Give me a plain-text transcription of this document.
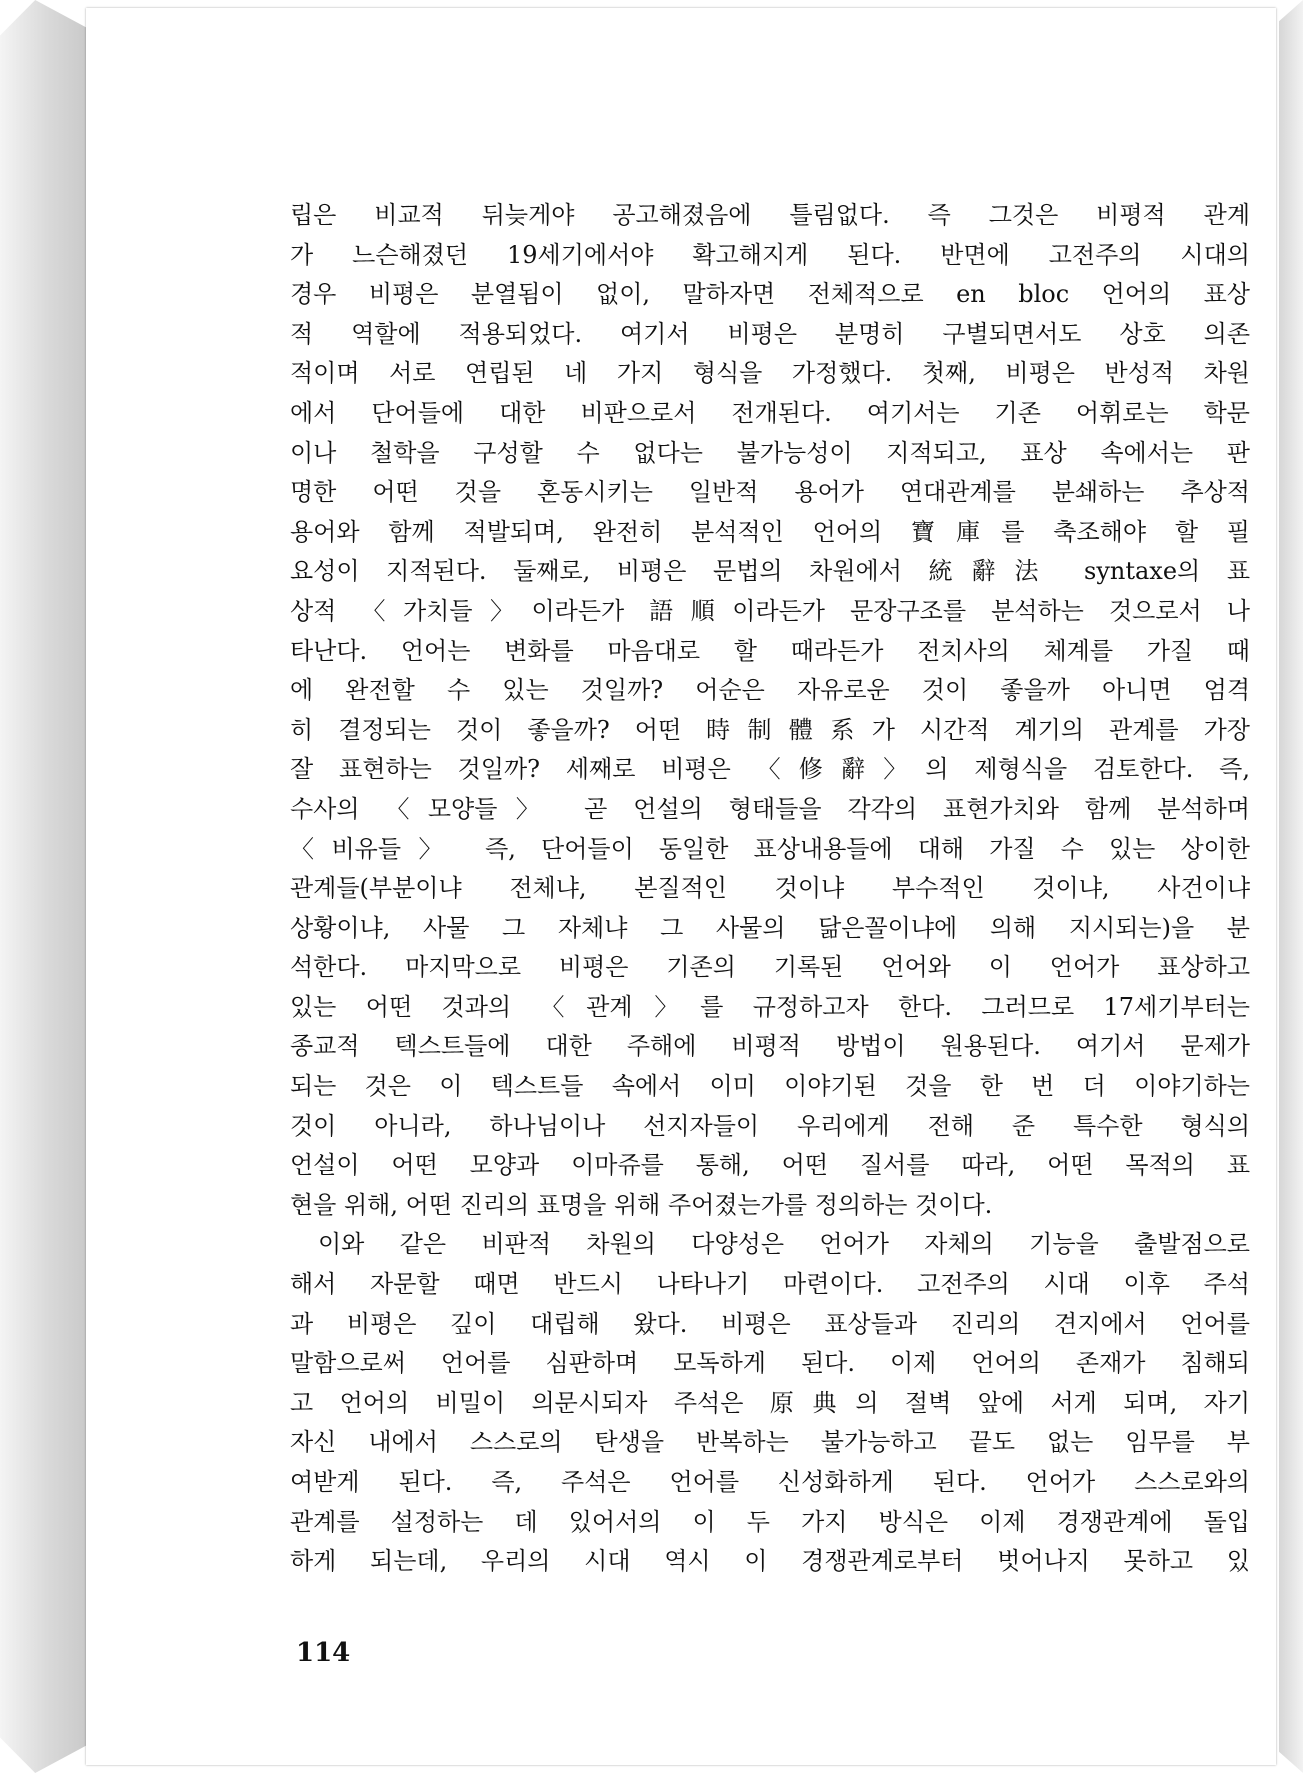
립은 비교적 뒤늦게야 공고해졌음에 틀림없다. 즉 그것은 비평적 관계
가 느슨해졌던 19세기에서야 확고해지게 된다. 반면에 고전주의 시대의
경우 비평은 분열됨이 없이, 말하자면 전체적으로 en bloc 언어의 표상
적 역할에 적용되었다. 여기서 비평은 분명히 구별되면서도 상호 의존
적이며 서로 연립된 네 가지 형식을 가정했다. 첫째, 비평은 반성적 차원
에서 단어들에 대한 비판으로서 전개된다. 여기서는 기존 어휘로는 학문
이나 철학을 구성할 수 없다는 불가능성이 지적되고, 표상 속에서는 판
명한 어떤 것을 혼동시키는 일반적 용어가 연대관계를 분쇄하는 추상적
용어와 함께 적발되며, 완전히 분석적인 언어의 寶庫를 축조해야 할 필
요성이 지적된다. 둘째로, 비평은 문법의 차원에서 統辭法 syntaxe의 표
상적 〈가치들〉이라든가 語順이라든가 문장구조를 분석하는 것으로서 나
타난다. 언어는 변화를 마음대로 할 때라든가 전치사의 체계를 가질 때
에 완전할 수 있는 것일까? 어순은 자유로운 것이 좋을까 아니면 엄격
히 결정되는 것이 좋을까? 어떤 時制體系가 시간적 계기의 관계를 가장
잘 표현하는 것일까? 세째로 비평은 〈修辭〉의 제형식을 검토한다. 즉,
수사의 〈모양들〉 곧 언설의 형태들을 각각의 표현가치와 함께 분석하며
〈비유들〉 즉, 단어들이 동일한 표상내용들에 대해 가질 수 있는 상이한
관계들(부분이냐 전체냐, 본질적인 것이냐 부수적인 것이냐, 사건이냐
상황이냐, 사물 그 자체냐 그 사물의 닮은꼴이냐에 의해 지시되는)을 분
석한다. 마지막으로 비평은 기존의 기록된 언어와 이 언어가 표상하고
있는 어떤 것과의 〈관계〉를 규정하고자 한다. 그러므로 17세기부터는
종교적 텍스트들에 대한 주해에 비평적 방법이 원용된다. 여기서 문제가
되는 것은 이 텍스트들 속에서 이미 이야기된 것을 한 번 더 이야기하는
것이 아니라, 하나님이나 선지자들이 우리에게 전해 준 특수한 형식의
언설이 어떤 모양과 이마쥬를 통해, 어떤 질서를 따라, 어떤 목적의 표
현을 위해, 어떤 진리의 표명을 위해 주어졌는가를 정의하는 것이다.
이와 같은 비판적 차원의 다양성은 언어가 자체의 기능을 출발점으로
해서 자문할 때면 반드시 나타나기 마련이다. 고전주의 시대 이후 주석
과 비평은 깊이 대립해 왔다. 비평은 표상들과 진리의 견지에서 언어를
말함으로써 언어를 심판하며 모독하게 된다. 이제 언어의 존재가 침해되
고 언어의 비밀이 의문시되자 주석은 原典의 절벽 앞에 서게 되며, 자기
자신 내에서 스스로의 탄생을 반복하는 불가능하고 끝도 없는 임무를 부
여받게 된다. 즉, 주석은 언어를 신성화하게 된다. 언어가 스스로와의
관계를 설정하는 데 있어서의 이 두 가지 방식은 이제 경쟁관계에 돌입
하게 되는데, 우리의 시대 역시 이 경쟁관계로부터 벗어나지 못하고 있
114
